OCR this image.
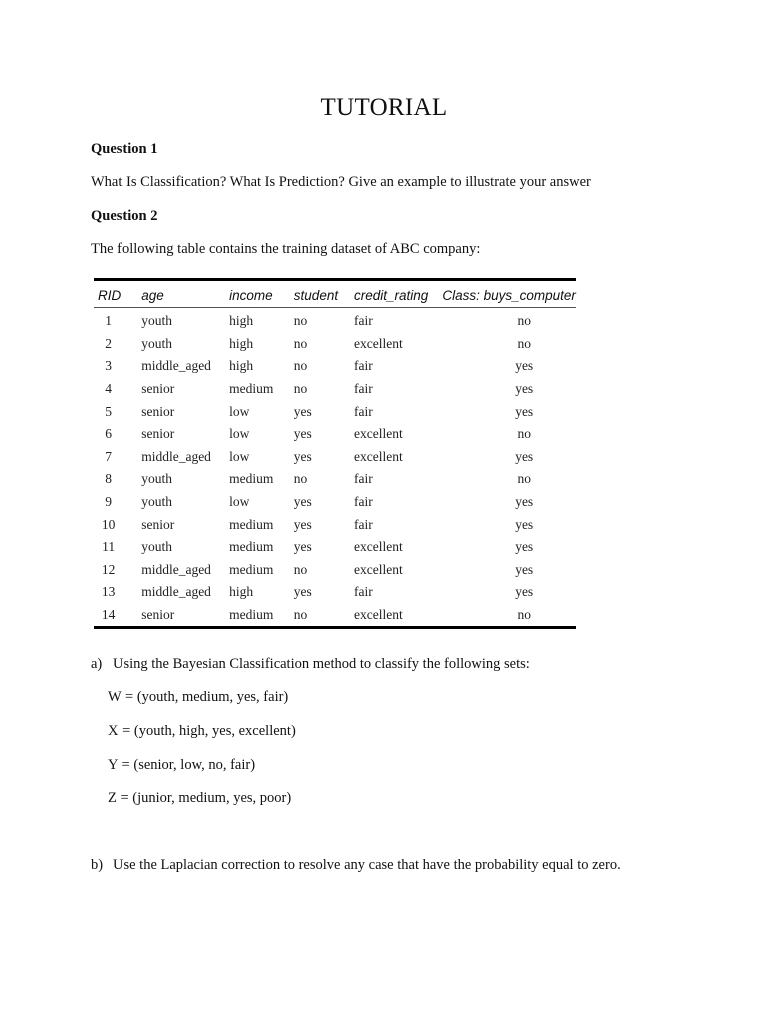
TUTORIAL
Question 1
What Is Classification? What Is Prediction? Give an example to illustrate your answer
Question 2
The following table contains the training dataset of ABC company:
RID	age	income	student	credit_rating	Class: buys_computer
1	youth	high	no	fair	no
2	youth	high	no	excellent	no
3	middle_aged	high	no	fair	yes
4	senior	medium	no	fair	yes
5	senior	low	yes	fair	yes
6	senior	low	yes	excellent	no
7	middle_aged	low	yes	excellent	yes
8	youth	medium	no	fair	no
9	youth	low	yes	fair	yes
10	senior	medium	yes	fair	yes
11	youth	medium	yes	excellent	yes
12	middle_aged	medium	no	excellent	yes
13	middle_aged	high	yes	fair	yes
14	senior	medium	no	excellent	no
a) Using the Bayesian Classification method to classify the following sets:
W = (youth, medium, yes, fair)
X = (youth, high, yes, excellent)
Y = (senior, low, no, fair)
Z = (junior, medium, yes, poor)
b) Use the Laplacian correction to resolve any case that have the probability equal to zero.
